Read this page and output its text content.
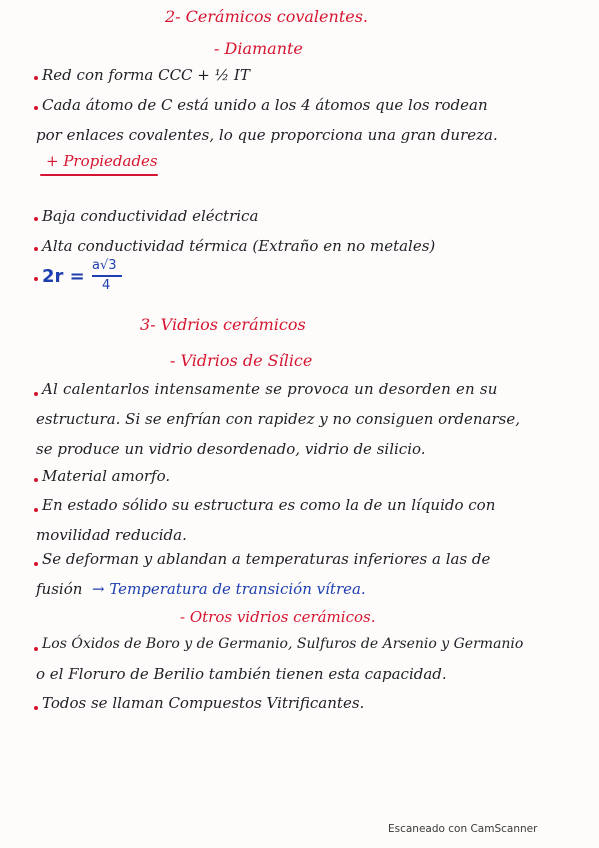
2- Cerámicos covalentes.
- Diamante
Red con forma CCC + ½ IT
Cada átomo de C está unido a los 4 átomos que los rodean
por enlaces covalentes, lo que proporciona una gran dureza.
+ Propiedades
Baja conductividad eléctrica
Alta conductividad térmica (Extraño en no metales)
2r =
a√3
4
3- Vidrios cerámicos
- Vidrios de Sílice
Al calentarlos intensamente se provoca un desorden en su
estructura. Si se enfrían con rapidez y no consiguen ordenarse,
se produce un vidrio desordenado, vidrio de silicio.
Material amorfo.
En estado sólido su estructura es como la de un líquido con
movilidad reducida.
Se deforman y ablandan a temperaturas inferiores a las de
fusión → Temperatura de transición vítrea.
- Otros vidrios cerámicos.
Los Óxidos de Boro y de Germanio, Sulfuros de Arsenio y Germanio
o el Floruro de Berilio también tienen esta capacidad.
Todos se llaman Compuestos Vitrificantes.
Escaneado con CamScanner
